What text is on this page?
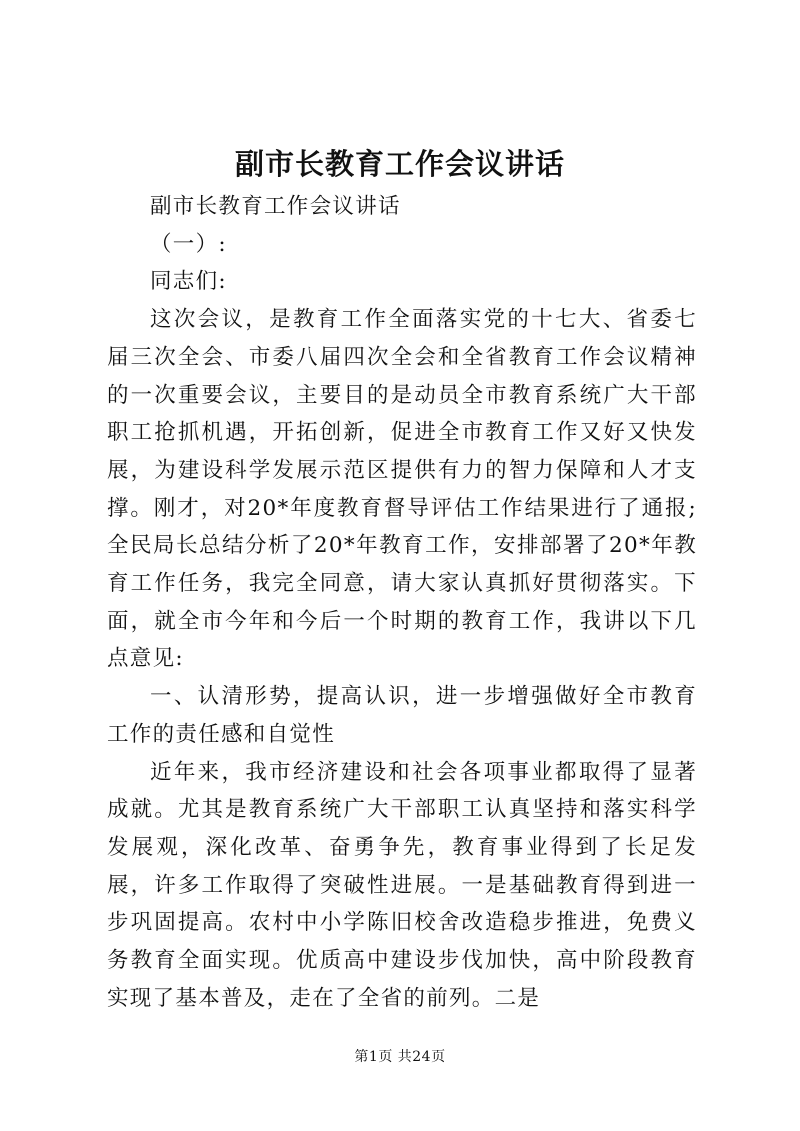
副市长教育工作会议讲话

副市长教育工作会议讲话

（一）:

同志们:

这次会议，是教育工作全面落实党的十七大、省委七届三次全会、市委八届四次全会和全省教育工作会议精神的一次重要会议，主要目的是动员全市教育系统广大干部职工抢抓机遇，开拓创新，促进全市教育工作又好又快发展，为建设科学发展示范区提供有力的智力保障和人才支撑。刚才，对20*年度教育督导评估工作结果进行了通报;全民局长总结分析了20*年教育工作，安排部署了20*年教育工作任务，我完全同意，请大家认真抓好贯彻落实。下面，就全市今年和今后一个时期的教育工作，我讲以下几点意见:

一、认清形势，提高认识，进一步增强做好全市教育工作的责任感和自觉性

近年来，我市经济建设和社会各项事业都取得了显著成就。尤其是教育系统广大干部职工认真坚持和落实科学发展观，深化改革、奋勇争先，教育事业得到了长足发展，许多工作取得了突破性进展。一是基础教育得到进一步巩固提高。农村中小学陈旧校舍改造稳步推进，免费义务教育全面实现。优质高中建设步伐加快，高中阶段教育实现了基本普及，走在了全省的前列。二是

第1页 共24页
